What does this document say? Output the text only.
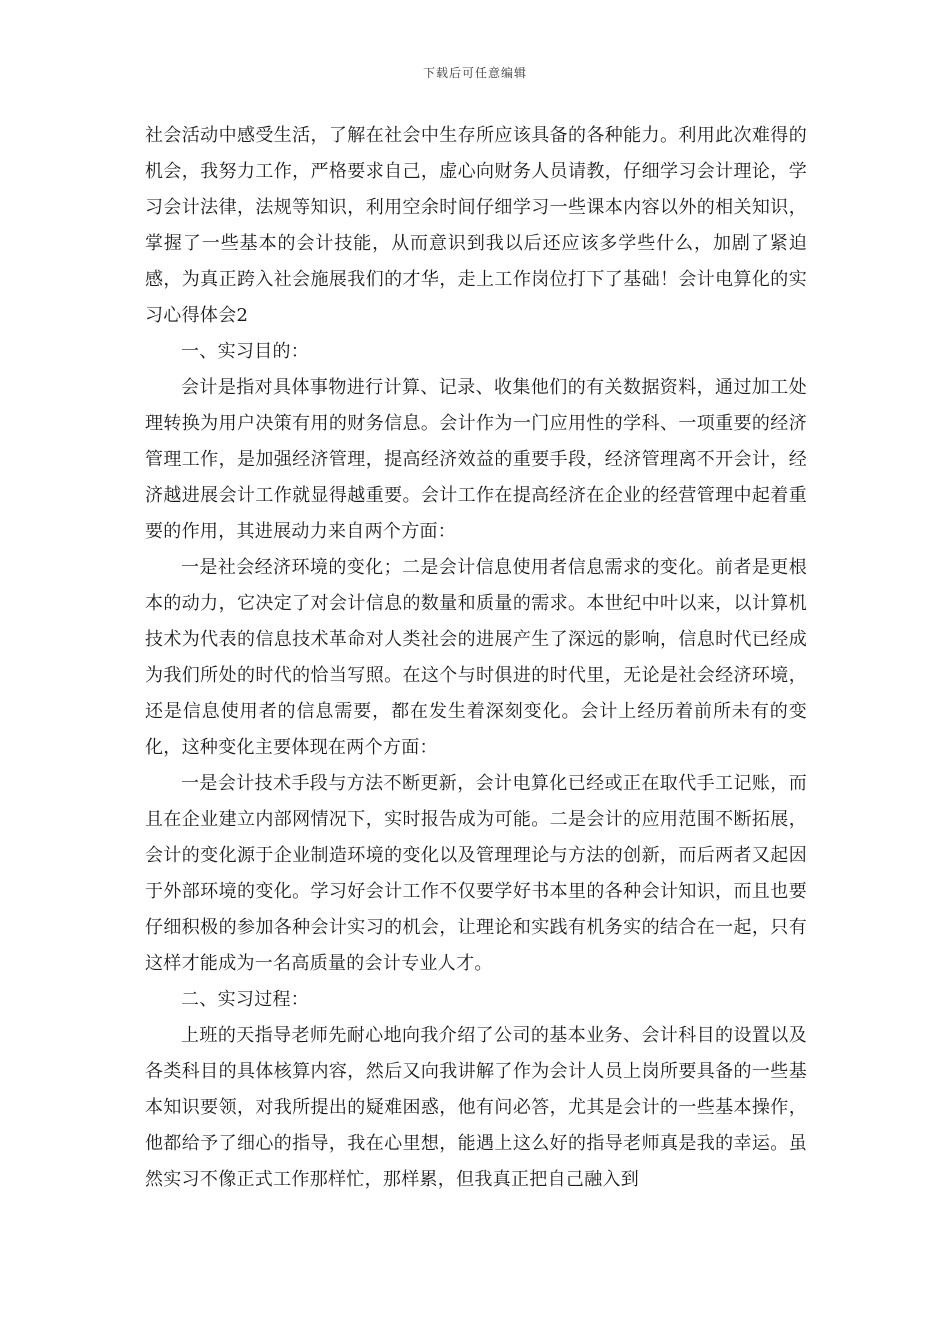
下载后可任意编辑

社会活动中感受生活，了解在社会中生存所应该具备的各种能力。利用此次难得的机会，我努力工作，严格要求自己，虚心向财务人员请教，仔细学习会计理论，学习会计法律，法规等知识，利用空余时间仔细学习一些课本内容以外的相关知识，掌握了一些基本的会计技能，从而意识到我以后还应该多学些什么，加剧了紧迫感，为真正跨入社会施展我们的才华，走上工作岗位打下了基础！会计电算化的实习心得体会2

一、实习目的：

会计是指对具体事物进行计算、记录、收集他们的有关数据资料，通过加工处理转换为用户决策有用的财务信息。会计作为一门应用性的学科、一项重要的经济管理工作，是加强经济管理，提高经济效益的重要手段，经济管理离不开会计，经济越进展会计工作就显得越重要。会计工作在提高经济在企业的经营管理中起着重要的作用，其进展动力来自两个方面：

一是社会经济环境的变化；二是会计信息使用者信息需求的变化。前者是更根本的动力，它决定了对会计信息的数量和质量的需求。本世纪中叶以来，以计算机技术为代表的信息技术革命对人类社会的进展产生了深远的影响，信息时代已经成为我们所处的时代的恰当写照。在这个与时俱进的时代里，无论是社会经济环境，还是信息使用者的信息需要，都在发生着深刻变化。会计上经历着前所未有的变化，这种变化主要体现在两个方面：

一是会计技术手段与方法不断更新，会计电算化已经或正在取代手工记账，而且在企业建立内部网情况下，实时报告成为可能。二是会计的应用范围不断拓展，会计的变化源于企业制造环境的变化以及管理理论与方法的创新，而后两者又起因于外部环境的变化。学习好会计工作不仅要学好书本里的各种会计知识，而且也要仔细积极的参加各种会计实习的机会，让理论和实践有机务实的结合在一起，只有这样才能成为一名高质量的会计专业人才。

二、实习过程：

上班的天指导老师先耐心地向我介绍了公司的基本业务、会计科目的设置以及各类科目的具体核算内容，然后又向我讲解了作为会计人员上岗所要具备的一些基本知识要领，对我所提出的疑难困惑，他有问必答，尤其是会计的一些基本操作，他都给予了细心的指导，我在心里想，能遇上这么好的指导老师真是我的幸运。虽然实习不像正式工作那样忙，那样累，但我真正把自己融入到
